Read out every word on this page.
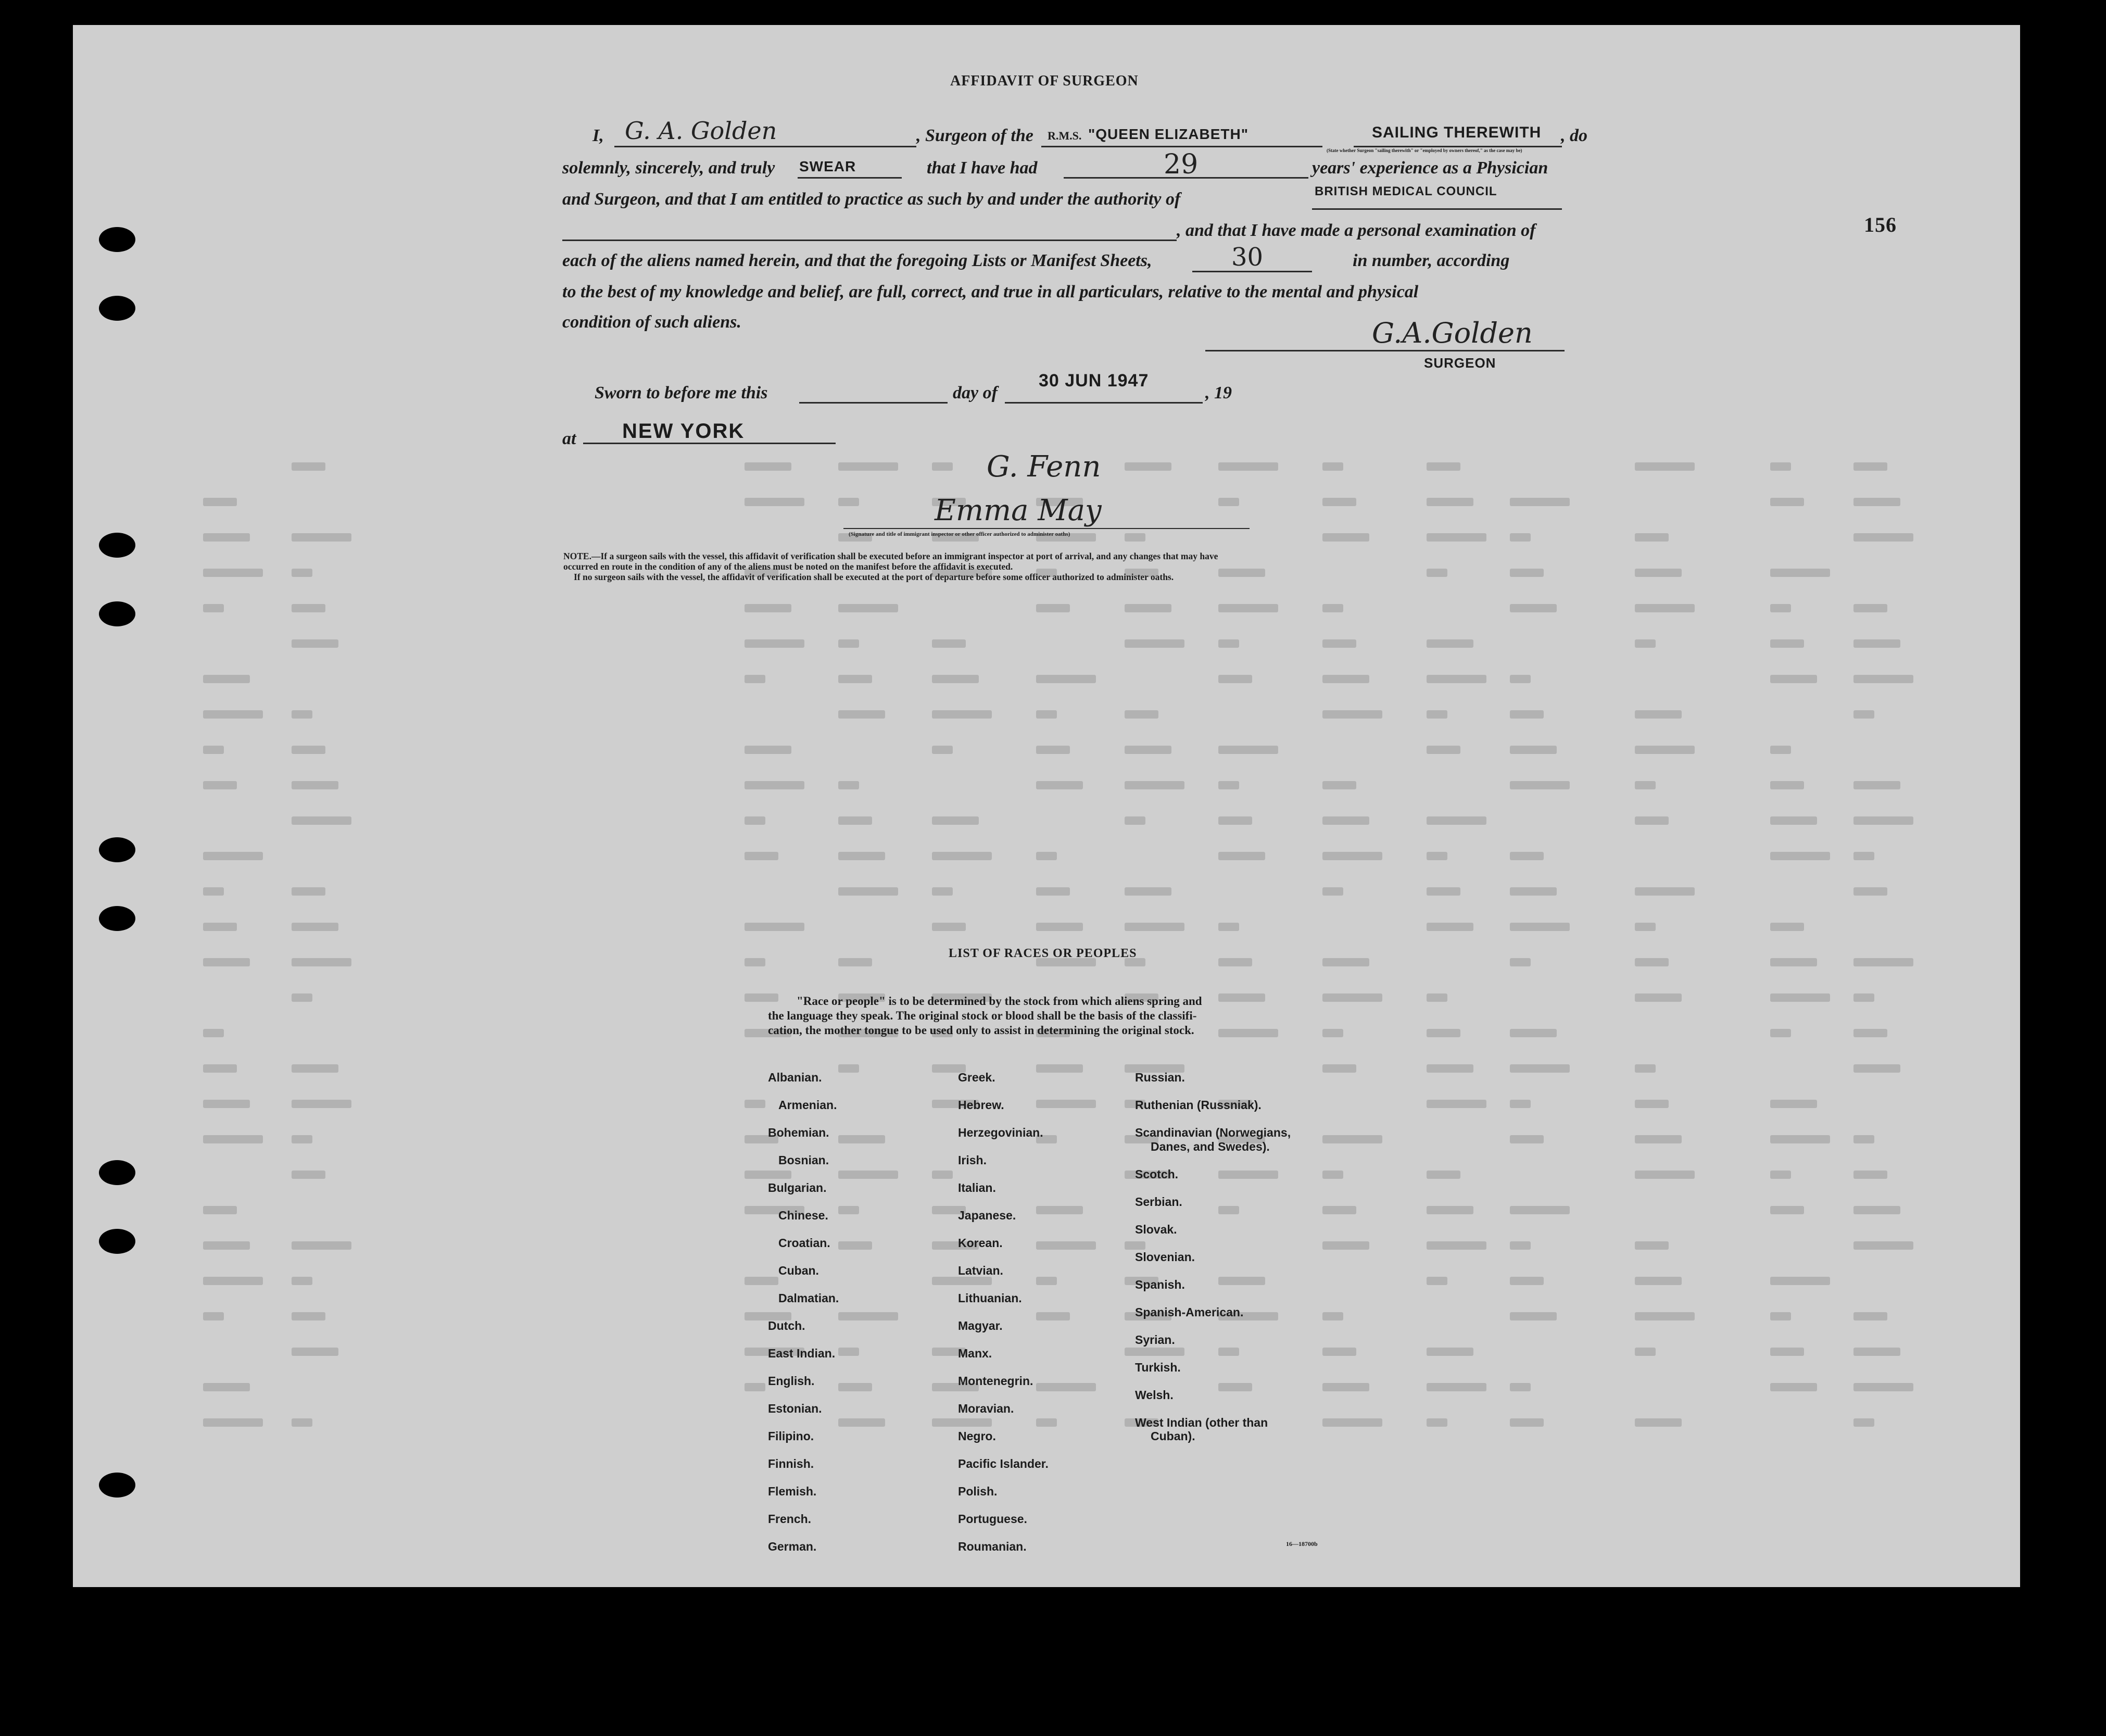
156
AFFIDAVIT OF SURGEON
I, G. A. Golden	, Surgeon of the R.M.S. "QUEEN ELIZABETH"	SAILING THEREWITH
(State whether Surgeon "sailing therewith" or "employed by owners thereof," as the case may be)
, do
solemnly, sincerely, and truly SWEAR	that I have had	29	years' experience as a Physician
and Surgeon, and that I am entitled to practice as such by and under the authority of	BRITISH MEDICAL COUNCIL
, and that I have made a personal examination of
each of the aliens named herein, and that the foregoing Lists or Manifest Sheets,	30	in number, according
to the best of my knowledge and belief, are full, correct, and true in all particulars, relative to the mental and physical
condition of such aliens.	G.A.Golden
SURGEON
Sworn to before me this	day of
30 JUN 1947
, 19
at NEW YORK
G. Fenn
Emma May
(Signature and title of immigrant inspector or other officer authorized to administer oaths)
NOTE.—If a surgeon sails with the vessel, this affidavit of verification shall be executed before an immigrant inspector at port of arrival, and any changes that may have
occurred en route in the condition of any of the aliens must be noted on the manifest before the affidavit is executed.
If no surgeon sails with the vessel, the affidavit of verification shall be executed at the port of departure before some officer authorized to administer oaths.
LIST OF RACES OR PEOPLES
"Race or people" is to be determined by the stock from which aliens spring and
the language they speak. The original stock or blood shall be the basis of the classifi-
cation, the mother tongue to be used only to assist in determining the original stock.
Albanian.
Armenian.
Bohemian.
Bosnian.
Bulgarian.
Chinese.
Croatian.
Cuban.
Dalmatian.
Dutch.
East Indian.
English.
Estonian.
Filipino.
Finnish.
Flemish.
French.
German.
Greek.
Hebrew.
Herzegovinian.
Irish.
Italian.
Japanese.
Korean.
Latvian.
Lithuanian.
Magyar.
Manx.
Montenegrin.
Moravian.
Negro.
Pacific Islander.
Polish.
Portuguese.
Roumanian.
Russian.
Ruthenian (Russniak).
Scandinavian (Norwegians,
Danes, and Swedes).
Scotch.
Serbian.
Slovak.
Slovenian.
Spanish.
Spanish-American.
Syrian.
Turkish.
Welsh.
West Indian (other than
Cuban).
16—18700b
